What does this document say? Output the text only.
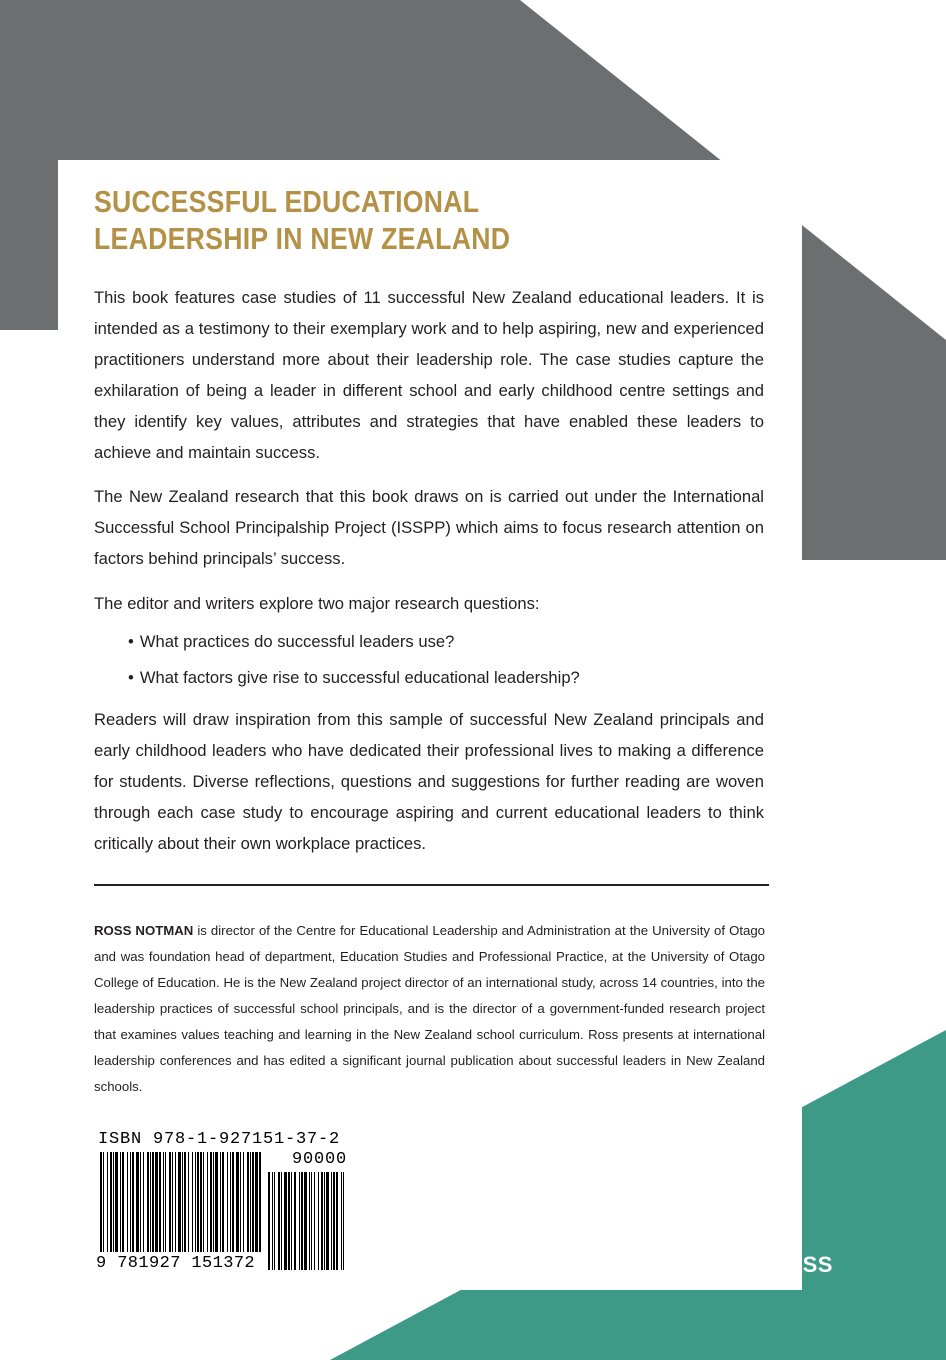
SUCCESSFUL EDUCATIONAL
LEADERSHIP IN NEW ZEALAND

This book features case studies of 11 successful New Zealand educational leaders. It is intended as a testimony to their exemplary work and to help aspiring, new and experienced practitioners understand more about their leadership role. The case studies capture the exhilaration of being a leader in different school and early childhood centre settings and they identify key values, attributes and strategies that have enabled these leaders to achieve and maintain success.

The New Zealand research that this book draws on is carried out under the International Successful School Principalship Project (ISSPP) which aims to focus research attention on factors behind principals’ success.

The editor and writers explore two major research questions:

• What practices do successful leaders use?
• What factors give rise to successful educational leadership?

Readers will draw inspiration from this sample of successful New Zealand principals and early childhood leaders who have dedicated their professional lives to making a difference for students. Diverse reflections, questions and suggestions for further reading are woven through each case study to encourage aspiring and current educational leaders to think critically about their own workplace practices.

ROSS NOTMAN is director of the Centre for Educational Leadership and Administration at the University of Otago and was foundation head of department, Education Studies and Professional Practice, at the University of Otago College of Education. He is the New Zealand project director of an international study, across 14 countries, into the leadership practices of successful school principals, and is the director of a government-funded research project that examines values teaching and learning in the New Zealand school curriculum. Ross presents at international leadership conferences and has edited a significant journal publication about successful leaders in New Zealand schools.

ISBN 978-1-927151-37-2
90000
9 781927 151372	NZCER PRESS
